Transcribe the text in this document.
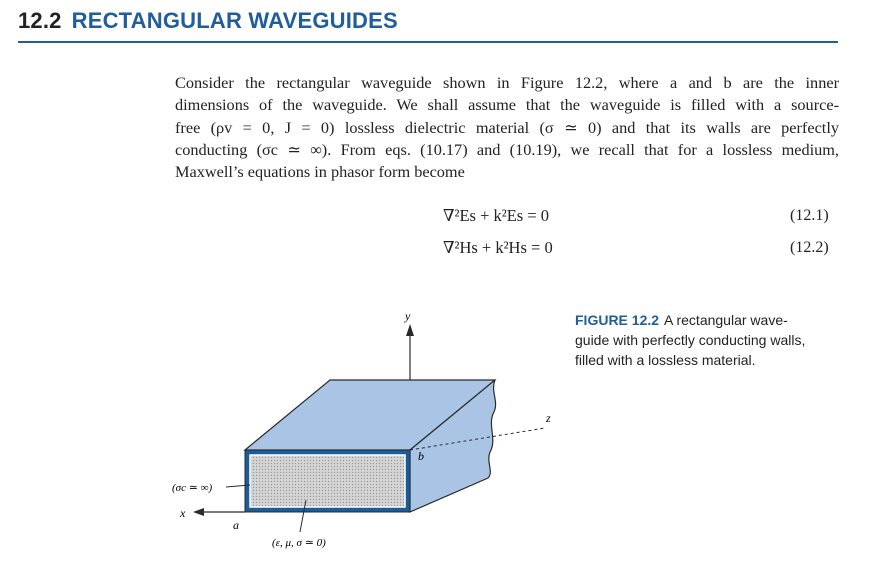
12.2 RECTANGULAR WAVEGUIDES
Consider the rectangular waveguide shown in Figure 12.2, where a and b are the inner
dimensions of the waveguide. We shall assume that the waveguide is filled with a source-
free (ρv = 0, J = 0) lossless dielectric material (σ ≃ 0) and that its walls are perfectly
conducting (σc ≃ ∞). From eqs. (10.17) and (10.19), we recall that for a lossless medium,
Maxwell’s equations in phasor form become
∇²Es + k²Es = 0	(12.1)
∇²Hs + k²Hs = 0	(12.2)
y
z
x
a
b
(σc ≃ ∞)
(ε, μ, σ ≃ 0)
FIGURE 12.2 A rectangular wave-
guide with perfectly conducting walls,
filled with a lossless material.
